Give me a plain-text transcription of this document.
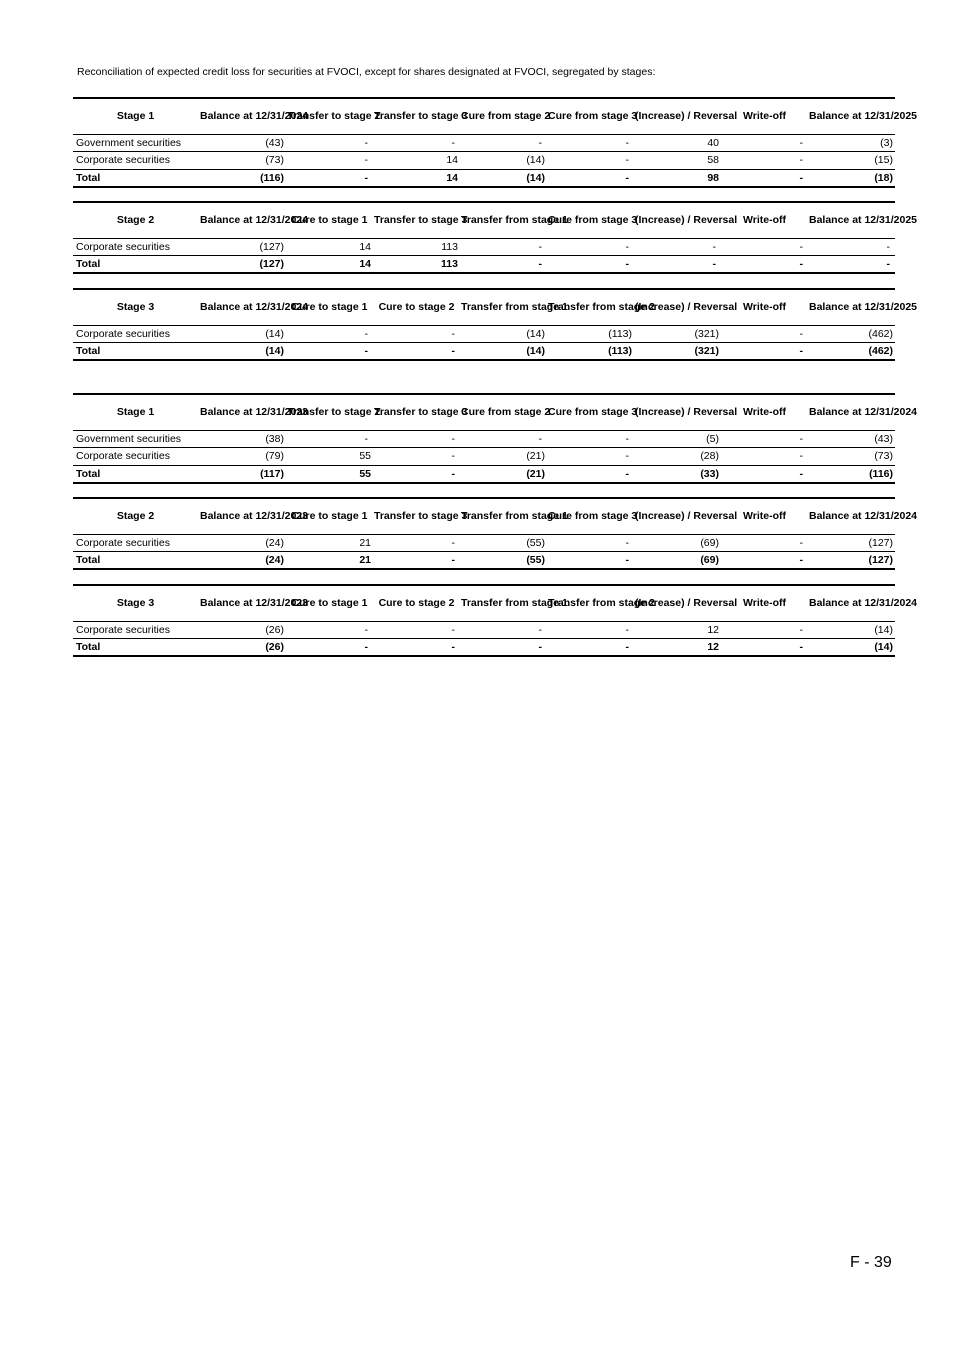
Reconciliation of expected credit loss for securities at FVOCI, except for shares designated at FVOCI, segregated by stages:
Stage 1	Balance at 12/31/2024	Transfer to stage 2	Transfer to stage 3	Cure from stage 2	Cure from stage 3	(Increase) / Reversal	Write-off	Balance at 12/31/2025
Government securities	(43)	-	-	-	-	40	-	(3)
Corporate securities	(73)	-	14	(14)	-	58	-	(15)
Total	(116)	-	14	(14)	-	98	-	(18)
Stage 2	Balance at 12/31/2024	Cure to stage 1	Transfer to stage 3	Transfer from stage 1	Cure from stage 3	(Increase) / Reversal	Write-off	Balance at 12/31/2025
Corporate securities	(127)	14	113	-	-	-	-	-
Total	(127)	14	113	-	-	-	-	-
Stage 3	Balance at 12/31/2024	Cure to stage 1	Cure to stage 2	Transfer from stage 1	Transfer from stage 2	(Increase) / Reversal	Write-off	Balance at 12/31/2025
Corporate securities	(14)	-	-	(14)	(113)	(321)	-	(462)
Total	(14)	-	-	(14)	(113)	(321)	-	(462)
Stage 1	Balance at 12/31/2023	Transfer to stage 2	Transfer to stage 3	Cure from stage 2	Cure from stage 3	(Increase) / Reversal	Write-off	Balance at 12/31/2024
Government securities	(38)	-	-	-	-	(5)	-	(43)
Corporate securities	(79)	55	-	(21)	-	(28)	-	(73)
Total	(117)	55	-	(21)	-	(33)	-	(116)
Stage 2	Balance at 12/31/2023	Cure to stage 1	Transfer to stage 3	Transfer from stage 1	Cure from stage 3	(Increase) / Reversal	Write-off	Balance at 12/31/2024
Corporate securities	(24)	21	-	(55)	-	(69)	-	(127)
Total	(24)	21	-	(55)	-	(69)	-	(127)
Stage 3	Balance at 12/31/2023	Cure to stage 1	Cure to stage 2	Transfer from stage 1	Transfer from stage 2	(Increase) / Reversal	Write-off	Balance at 12/31/2024
Corporate securities	(26)	-	-	-	-	12	-	(14)
Total	(26)	-	-	-	-	12	-	(14)
F - 39
